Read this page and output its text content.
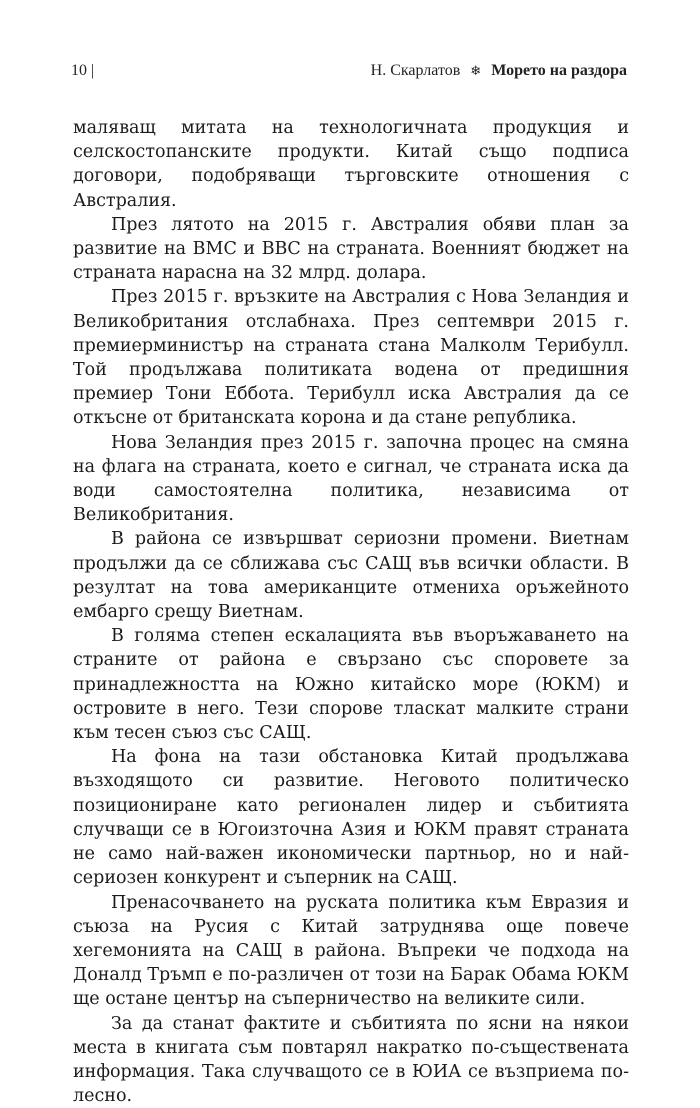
10 |	Н. Скарлатов ❄ Морето на раздора

маляващ митата на технологичната продукция и селскостопанските продукти. Китай също подписа договори, подобряващи търговските отношения с Австралия.

През лятото на 2015 г. Австралия обяви план за развитие на ВМС и ВВС на страната. Военният бюджет на страната нарасна на 32 млрд. долара.

През 2015 г. връзките на Австралия с Нова Зеландия и Великобритания отслабнаха. През септември 2015 г. премиерминистър на страната стана Малколм Терибулл. Той продължава политиката водена от предишния премиер Тони Еббота. Терибулл иска Австралия да се откъсне от британската корона и да стане република.

Нова Зеландия през 2015 г. започна процес на смяна на флага на страната, което е сигнал, че страната иска да води самостоятелна политика, независима от Великобритания.

В района се извършват сериозни промени. Виетнам продължи да се сближава със САЩ във всички области. В резултат на това американците отмениха оръжейното ембарго срещу Виетнам.

В голяма степен ескалацията във въоръжаването на страните от района е свързано със споровете за принадлежността на Южно китайско море (ЮКМ) и островите в него. Тези спорове тласкат малките страни към тесен съюз със САЩ.

На фона на тази обстановка Китай продължава възходящото си развитие. Неговото политическо позициониране като регионален лидер и събитията случващи се в Югоизточна Азия и ЮКМ правят страната не само най-важен икономически партньор, но и най-сериозен конкурент и съперник на САЩ.

Пренасочването на руската политика към Евразия и съюза на Русия с Китай затруднява още повече хегемонията на САЩ в района. Въпреки че подхода на Доналд Тръмп е по-различен от този на Барак Обама ЮКМ ще остане център на съперничество на великите сили.

За да станат фактите и събитията по ясни на някои места в книгата съм повтарял накратко по-съществената информация. Така случващото се в ЮИА се възприема по-лесно.
